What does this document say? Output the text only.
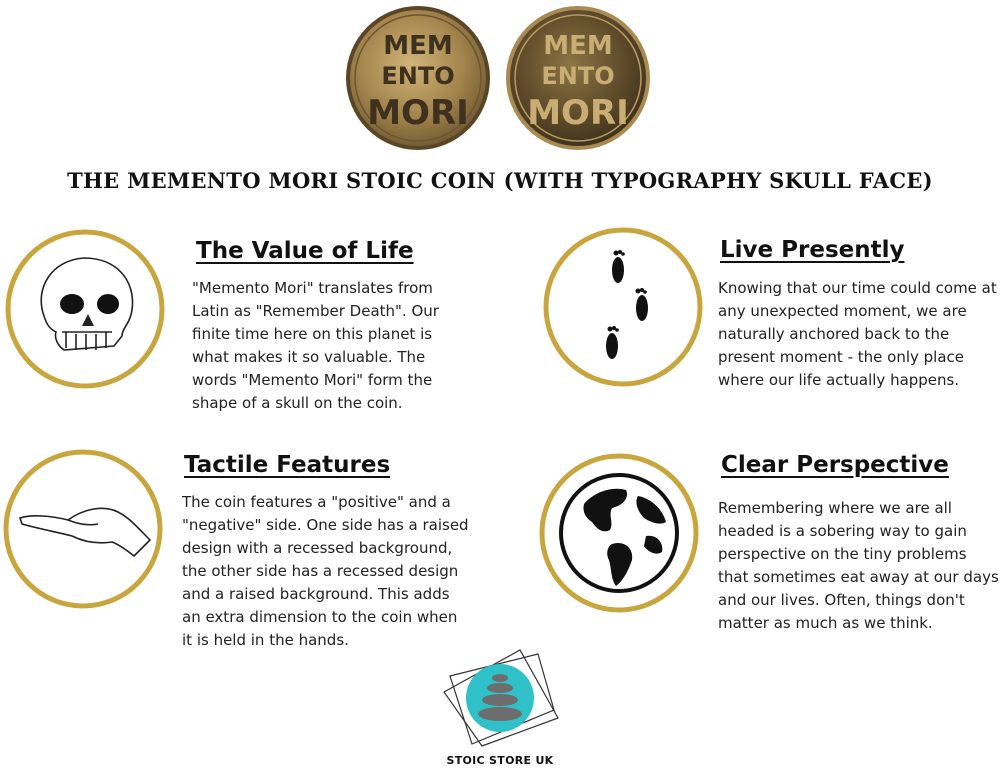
MEM
ENTO
MORI
MEM
ENTO
MORI
THE MEMENTO MORI STOIC COIN (WITH TYPOGRAPHY SKULL FACE)
The Value of Life
"Memento Mori" translates from Latin as "Remember Death". Our finite time here on this planet is what makes it so valuable. The words "Memento Mori" form the shape of a skull on the coin.
Live Presently
Knowing that our time could come at any unexpected moment, we are naturally anchored back to the present moment - the only place where our life actually happens.
Tactile Features
The coin features a "positive" and a "negative" side. One side has a raised design with a recessed background, the other side has a recessed design and a raised background. This adds an extra dimension to the coin when it is held in the hands.
Clear Perspective
Remembering where we are all headed is a sobering way to gain perspective on the tiny problems that sometimes eat away at our days and our lives. Often, things don't matter as much as we think.
STOIC STORE UK
